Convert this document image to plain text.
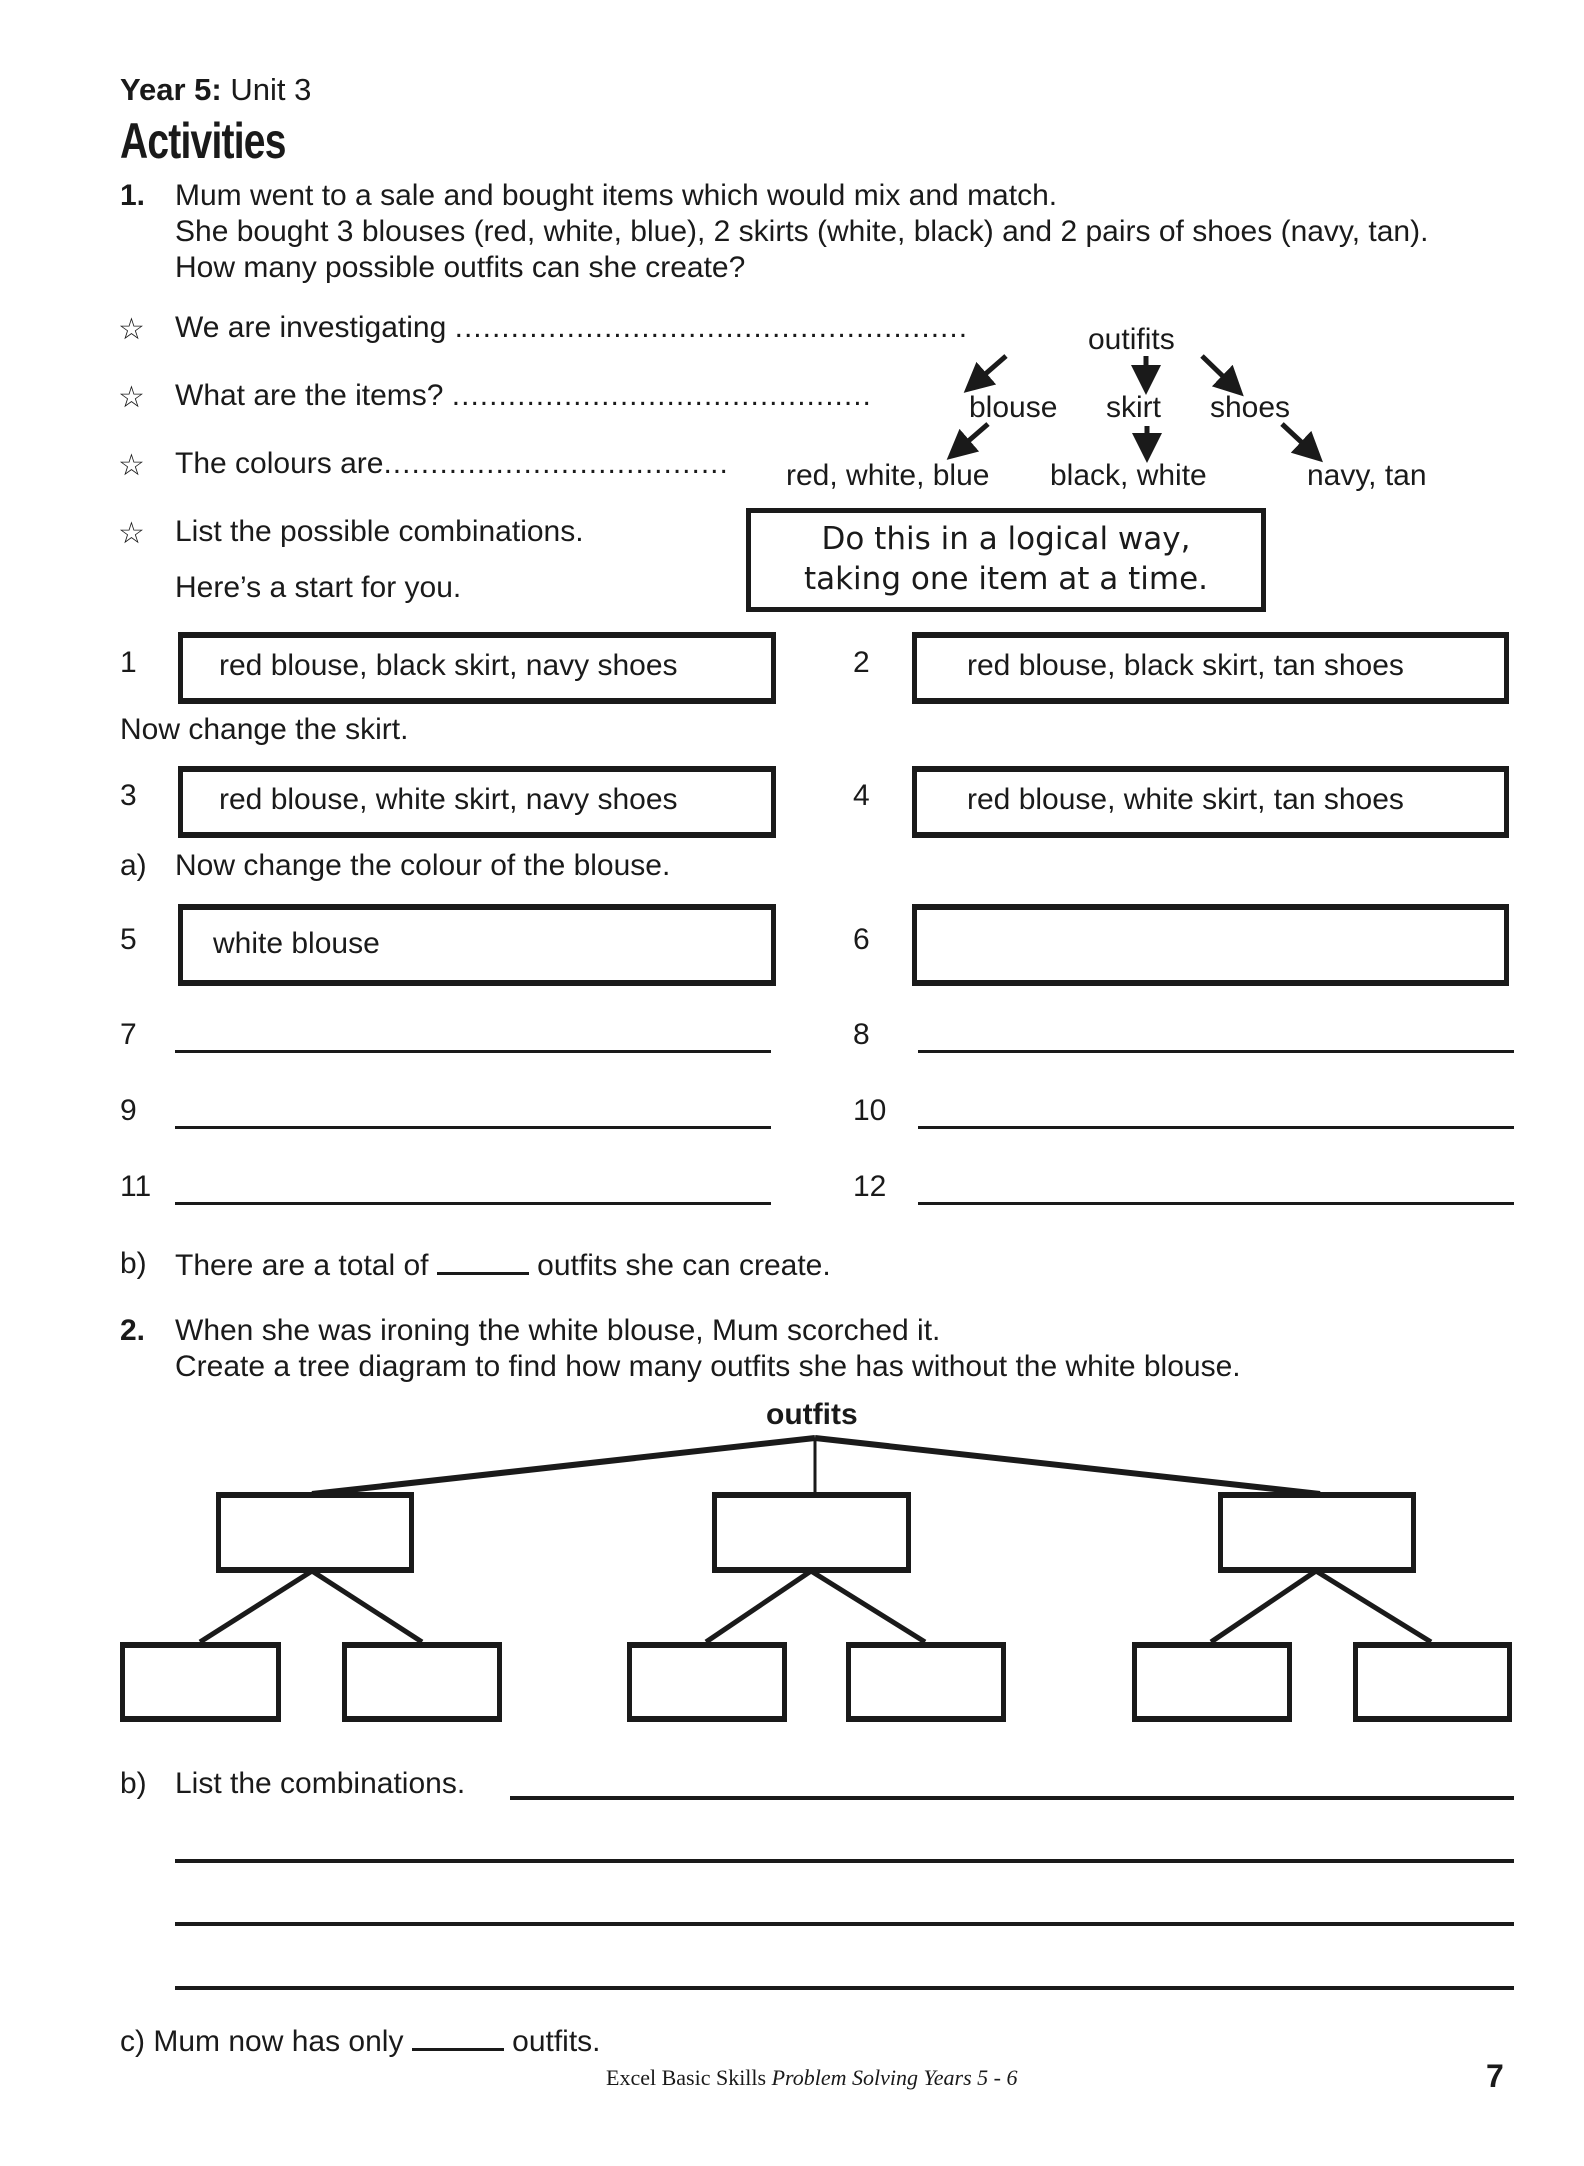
Year 5: Unit 3
Activities
1. Mum went to a sale and bought items which would mix and match.
She bought 3 blouses (red, white, blue), 2 skirts (white, black) and 2 pairs of shoes (navy, tan).
How many possible outfits can she create?
☆ We are investigating .......................................................
☆ What are the items? .............................................
☆ The colours are.....................................
☆ List the possible combinations.
Here’s a start for you.
outifits
blouse skirt shoes
red, white, blue black, white	navy, tan
Do this in a logical way,
taking one item at a time.
1	red blouse, black skirt, navy shoes	2	red blouse, black skirt, tan shoes
Now change the skirt.
3	red blouse, white skirt, navy shoes	4	red blouse, white skirt, tan shoes
a) Now change the colour of the blouse.
5	white blouse	6
7	8
9	10
11	12
b) There are a total of	outfits she can create.
2. When she was ironing the white blouse, Mum scorched it.
Create a tree diagram to find how many outfits she has without the white blouse.
outfits
b) List the combinations.
c) Mum now has only	outfits.
Excel Basic Skills Problem Solving Years 5 - 6	7
